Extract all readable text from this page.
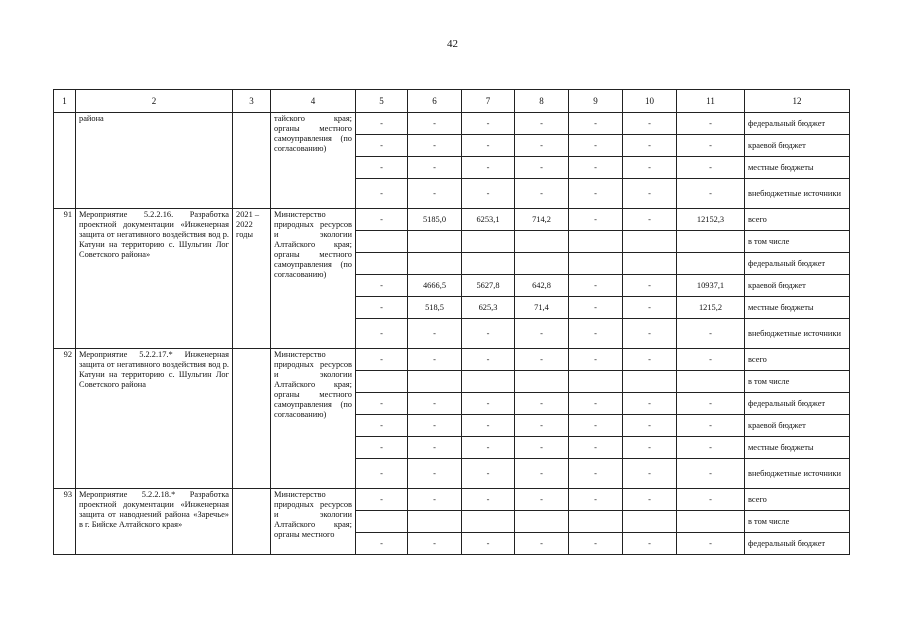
42
1	2	3	4	5	6	7	8	9	10	11	12
	района		тайского края; органы местного самоуправления (по согласованию)	-	-	-	-	-	-	-	федеральный бюджет
				-	-	-	-	-	-	-	краевой бюджет
				-	-	-	-	-	-	-	местные бюджеты
				-	-	-	-	-	-	-	внебюджетные источники
91	Мероприятие 5.2.2.16. Разработка проектной документации «Инженерная защита от негативного воздействия вод р. Катуни на территорию с. Шульгин Лог Советского района»	2021 – 2022 годы	Министерство природных ресурсов и экологии Алтайского края; органы местного самоуправления (по согласованию)	-	5185,0	6253,1	714,2	-	-	12152,3	всего
											в том числе
											федеральный бюджет
				-	4666,5	5627,8	642,8	-	-	10937,1	краевой бюджет
				-	518,5	625,3	71,4	-	-	1215,2	местные бюджеты
				-	-	-	-	-	-	-	внебюджетные источники
92	Мероприятие 5.2.2.17.* Инженерная защита от негативного воздействия вод р. Катуни на территорию с. Шульгин Лог Советского района		Министерство природных ресурсов и экологии Алтайского края; органы местного самоуправления (по согласованию)	-	-	-	-	-	-	-	всего
											в том числе
				-	-	-	-	-	-	-	федеральный бюджет
				-	-	-	-	-	-	-	краевой бюджет
				-	-	-	-	-	-	-	местные бюджеты
				-	-	-	-	-	-	-	внебюджетные источники
93	Мероприятие 5.2.2.18.* Разработка проектной документации «Инженерная защита от наводнений района «Заречье» в г. Бийске Алтайского края»		Министерство природных ресурсов и экологии Алтайского края; органы местного	-	-	-	-	-	-	-	всего
											в том числе
				-	-	-	-	-	-	-	федеральный бюджет
